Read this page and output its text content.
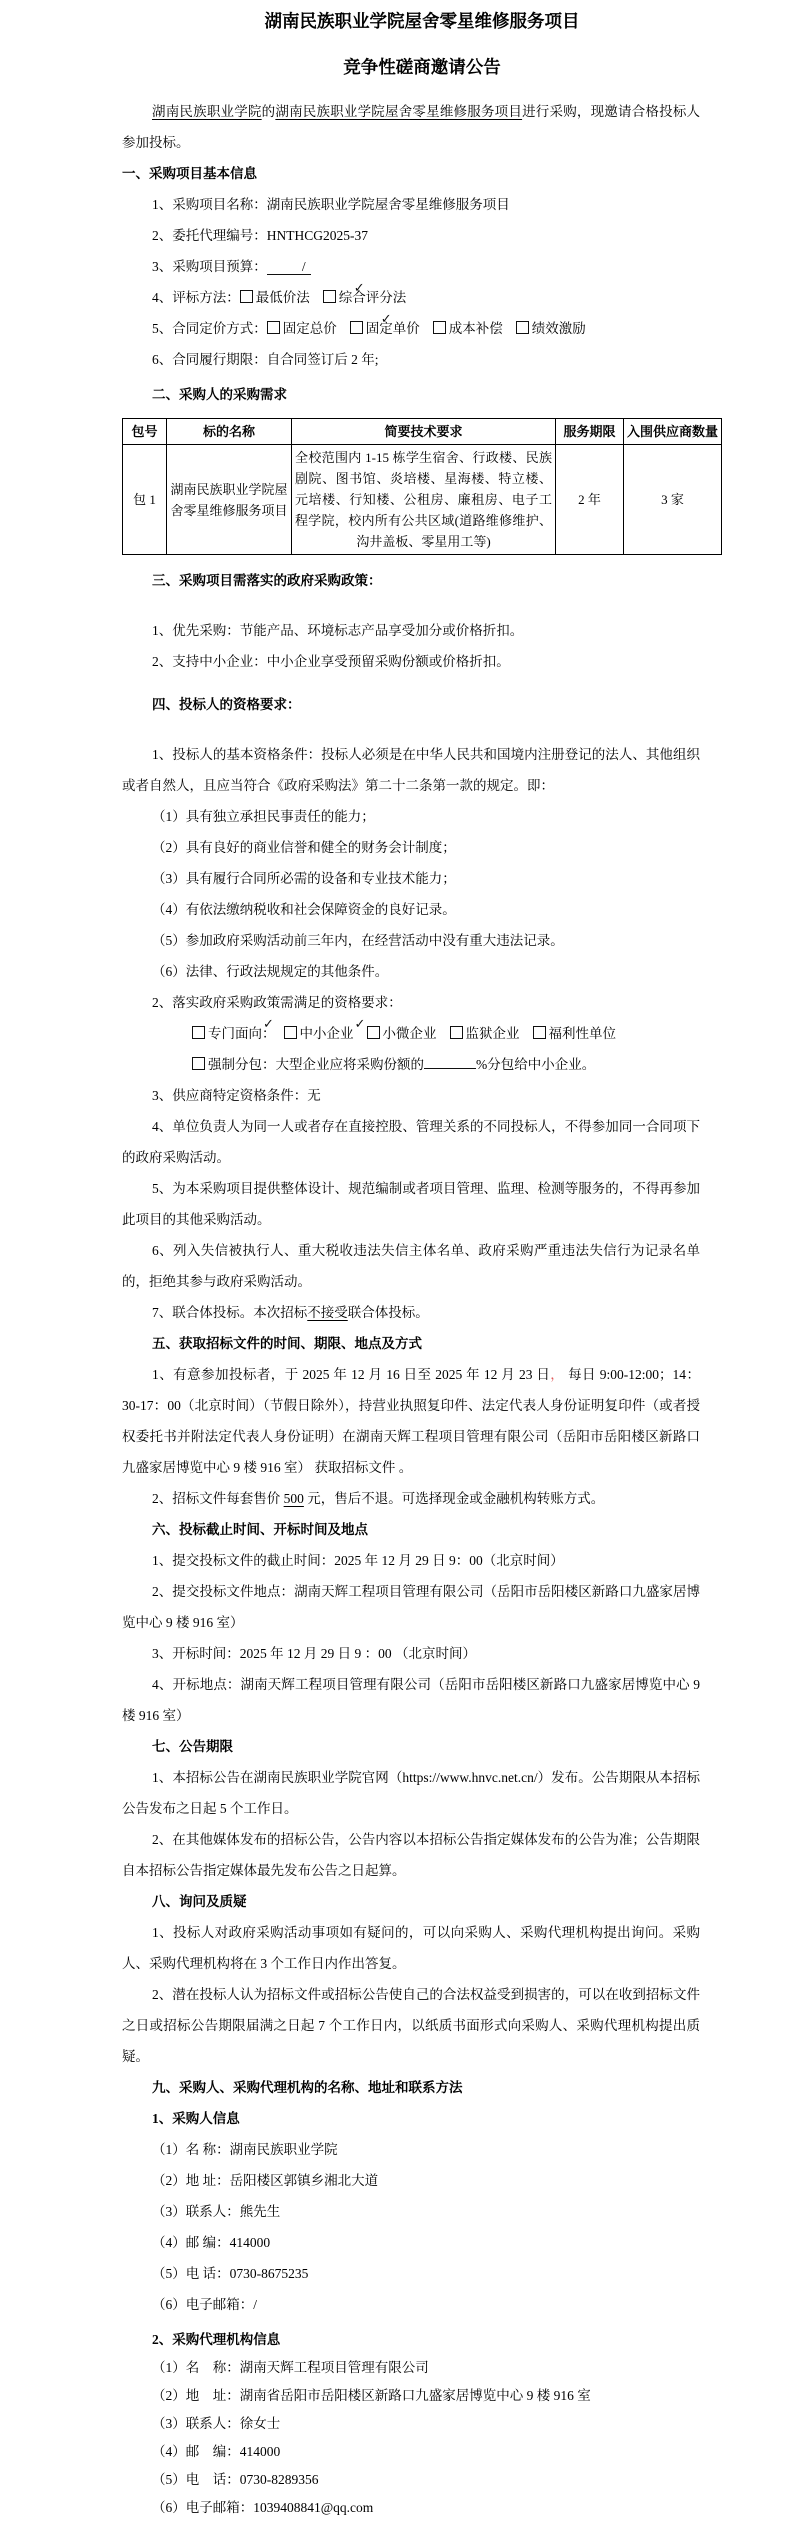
湖南民族职业学院屋舍零星维修服务项目

竞争性磋商邀请公告

湖南民族职业学院的湖南民族职业学院屋舍零星维修服务项目进行采购，现邀请合格投标人参加投标。

一、采购项目基本信息

1、采购项目名称：湖南民族职业学院屋舍零星维修服务项目

2、委托代理编号：HNTHCG2025-37

3、采购项目预算：	/

4、评标方法： 最低价法 ✓ 综合评分法

5、合同定价方式： 固定总价 ✓ 固定单价 成本补偿 绩效激励

6、合同履行期限：自合同签订后 2 年;

二、采购人的采购需求

包号	标的名称	简要技术要求	服务期限	入围供应商数量
包 1	湖南民族职业学院屋舍零星维修服务项目	全校范围内 1-15 栋学生宿舍、行政楼、民族剧院、图书馆、炎培楼、星海楼、特立楼、元培楼、行知楼、公租房、廉租房、电子工程学院，校内所有公共区域(道路维修维护、沟井盖板、零星用工等)	2 年	3 家

三、采购项目需落实的政府采购政策：

1、优先采购：节能产品、环境标志产品享受加分或价格折扣。

2、支持中小企业：中小企业享受预留采购份额或价格折扣。

四、投标人的资格要求：

1、投标人的基本资格条件：投标人必须是在中华人民共和国境内注册登记的法人、其他组织或者自然人，且应当符合《政府采购法》第二十二条第一款的规定。即：

（1）具有独立承担民事责任的能力；

（2）具有良好的商业信誉和健全的财务会计制度；

（3）具有履行合同所必需的设备和专业技术能力；

（4）有依法缴纳税收和社会保障资金的良好记录。

（5）参加政府采购活动前三年内，在经营活动中没有重大违法记录。

（6）法律、行政法规规定的其他条件。

2、落实政府采购政策需满足的资格要求：

✓专门面向： ✓ 中小企业 小微企业 监狱企业 福利性单位

强制分包：大型企业应将采购份额的	%分包给中小企业。

3、供应商特定资格条件：无

4、单位负责人为同一人或者存在直接控股、管理关系的不同投标人，不得参加同一合同项下的政府采购活动。

5、为本采购项目提供整体设计、规范编制或者项目管理、监理、检测等服务的，不得再参加此项目的其他采购活动。

6、列入失信被执行人、重大税收违法失信主体名单、政府采购严重违法失信行为记录名单的，拒绝其参与政府采购活动。

7、联合体投标。本次招标不接受联合体投标。

五、获取招标文件的时间、期限、地点及方式

1、有意参加投标者，于 2025 年 12 月 16 日至 2025 年 12 月 23 日， 每日 9:00-12:00；14：30-17：00（北京时间）（节假日除外），持营业执照复印件、法定代表人身份证明复印件（或者授权委托书并附法定代表人身份证明）在湖南天辉工程项目管理有限公司（岳阳市岳阳楼区新路口九盛家居博览中心 9 楼 916 室） 获取招标文件 。

2、招标文件每套售价 500 元，售后不退。可选择现金或金融机构转账方式。

六、投标截止时间、开标时间及地点

1、提交投标文件的截止时间：2025 年 12 月 29 日 9：00（北京时间）

2、提交投标文件地点：湖南天辉工程项目管理有限公司（岳阳市岳阳楼区新路口九盛家居博览中心 9 楼 916 室）

3、开标时间：2025 年 12 月 29 日 9 ：00 （北京时间）

4、开标地点：湖南天辉工程项目管理有限公司（岳阳市岳阳楼区新路口九盛家居博览中心 9 楼 916 室）

七、公告期限

1、本招标公告在湖南民族职业学院官网（https://www.hnvc.net.cn/）发布。公告期限从本招标公告发布之日起 5 个工作日。

2、在其他媒体发布的招标公告，公告内容以本招标公告指定媒体发布的公告为准；公告期限自本招标公告指定媒体最先发布公告之日起算。

八、询问及质疑

1、投标人对政府采购活动事项如有疑问的，可以向采购人、采购代理机构提出询问。采购人、采购代理机构将在 3 个工作日内作出答复。

2、潜在投标人认为招标文件或招标公告使自己的合法权益受到损害的，可以在收到招标文件之日或招标公告期限届满之日起 7 个工作日内，以纸质书面形式向采购人、采购代理机构提出质疑。

九、采购人、采购代理机构的名称、地址和联系方法

1、采购人信息

（1）名 称：湖南民族职业学院

（2）地 址：岳阳楼区郭镇乡湘北大道

（3）联系人：熊先生

（4）邮 编：414000

（5）电 话：0730-8675235

（6）电子邮箱：/

2、采购代理机构信息

（1）名　称：湖南天辉工程项目管理有限公司

（2）地　址：湖南省岳阳市岳阳楼区新路口九盛家居博览中心 9 楼 916 室

（3）联系人：徐女士

（4）邮　编：414000

（5）电　话：0730-8289356

（6）电子邮箱：1039408841@qq.com
